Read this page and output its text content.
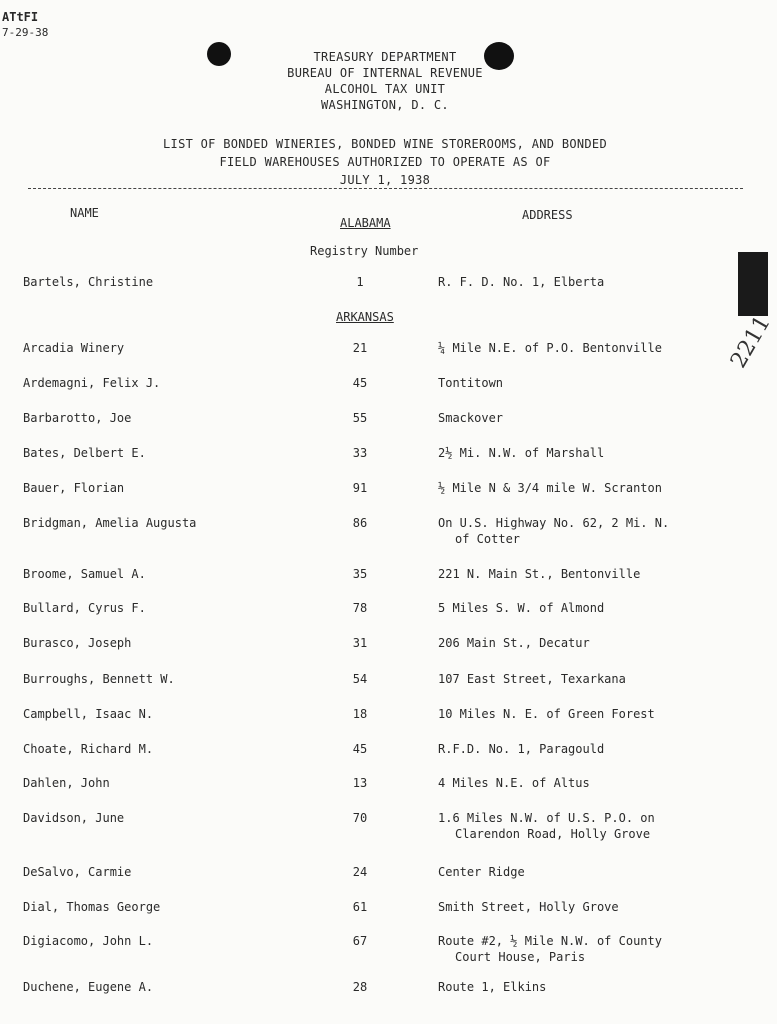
ATtFI
7-29-38
TREASURY DEPARTMENT
BUREAU OF INTERNAL REVENUE
ALCOHOL TAX UNIT
WASHINGTON, D. C.
LIST OF BONDED WINERIES, BONDED WINE STOREROOMS, AND BONDED
FIELD WAREHOUSES AUTHORIZED TO OPERATE AS OF
JULY 1, 1938
NAME	ADDRESS
ALABAMA
Registry Number
Bartels, Christine	1	R. F. D. No. 1, Elberta
ARKANSAS
Arcadia Winery	21	¼ Mile N.E. of P.O. Bentonville
Ardemagni, Felix J.	45	Tontitown
Barbarotto, Joe	55	Smackover
Bates, Delbert E.	33	2½ Mi. N.W. of Marshall
Bauer, Florian	91	½ Mile N & 3/4 mile W. Scranton
Bridgman, Amelia Augusta	86	On U.S. Highway No. 62, 2 Mi. N.
of Cotter
Broome, Samuel A.	35	221 N. Main St., Bentonville
Bullard, Cyrus F.	78	5 Miles S. W. of Almond
Burasco, Joseph	31	206 Main St., Decatur
Burroughs, Bennett W.	54	107 East Street, Texarkana
Campbell, Isaac N.	18	10 Miles N. E. of Green Forest
Choate, Richard M.	45	R.F.D. No. 1, Paragould
Dahlen, John	13	4 Miles N.E. of Altus
Davidson, June	70	1.6 Miles N.W. of U.S. P.O. on
Clarendon Road, Holly Grove
DeSalvo, Carmie	24	Center Ridge
Dial, Thomas George	61	Smith Street, Holly Grove
Digiacomo, John L.	67	Route #2, ½ Mile N.W. of County
Court House, Paris
Duchene, Eugene A.	28	Route 1, Elkins
2211
